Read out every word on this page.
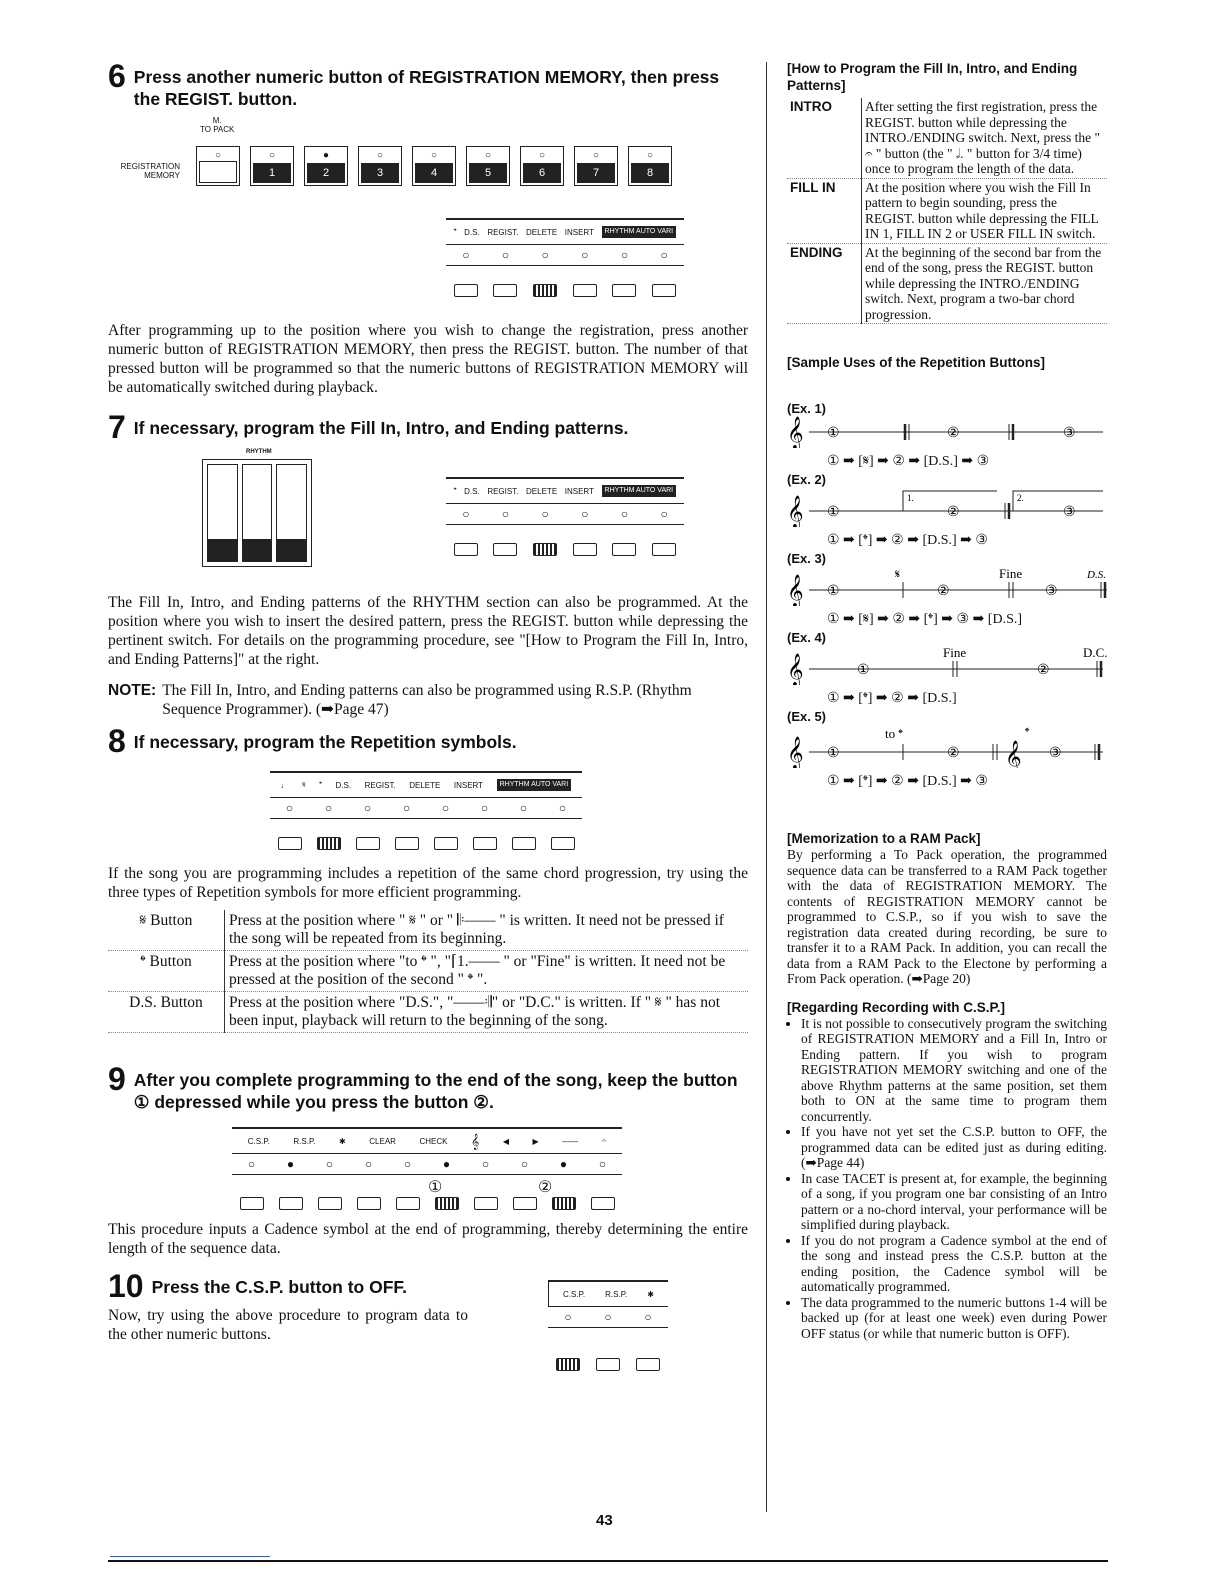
6 Press another numeric button of REGISTRATION MEMORY, then press the REGIST. button.
M.
TO PACK
REGISTRATION MEMORY
○	○
1
●
2
○
3
○
4
○
5
○
6
○
7
○
8
𝄌 D.S. REGIST. DELETE INSERT	RHYTHM AUTO VARI
○	○	○	○	○	○

After programming up to the position where you wish to change the registration, press another numeric button of REGISTRATION MEMORY, then press the REGIST. button. The number of that pressed button will be programmed so that the numeric buttons of REGISTRATION MEMORY will be automatically switched during playback.

7 If necessary, program the Fill In, Intro, and Ending patterns.
RHYTHM
𝄌 D.S. REGIST. DELETE INSERT	RHYTHM AUTO VARI
○	○	○	○	○	○

The Fill In, Intro, and Ending patterns of the RHYTHM section can also be programmed. At the position where you wish to insert the desired pattern, press the REGIST. button while depressing the pertinent switch. For details on the programming procedure, see "[How to Program the Fill In, Intro, and Ending Patterns]" at the right.

NOTE: The Fill In, Intro, and Ending patterns can also be programmed using R.S.P. (Rhythm Sequence Programmer). (➡Page 47)
8 If necessary, program the Repetition symbols.
♩ 𝄋 𝄌 D.S. REGIST. DELETE INSERT	RHYTHM AUTO VARI
○	○	○	○	○	○	○	○

If the song you are programming includes a repetition of the same chord progression, try using the three types of Repetition symbols for more efficient programming.

𝄋 Button	Press at the position where " 𝄋 " or " 𝄆—— " is written. It need not be pressed if the song will be repeated from its beginning.
𝄌 Button	Press at the position where "to 𝄌 ", "⌈1.—— " or "Fine" is written. It need not be pressed at the position of the second " 𝄌 ".
D.S. Button	Press at the position where "D.S.", "——𝄇" or "D.C." is written. If " 𝄋 " has not been input, playback will return to the beginning of the song.
9 After you complete programming to the end of the song, keep the button ① depressed while you press the button ②.
C.S.P.	R.S.P.	✱	CLEAR	CHECK 𝄞	◀	▶	——	𝄐
○	●	○	○	○	●	○	○	●	○
①	②

This procedure inputs a Cadence symbol at the end of programming, thereby determining the entire length of the sequence data.

10 Press the C.S.P. button to OFF.

Now, try using the above procedure to program data to the other numeric buttons.

C.S.P.	R.S.P.	✱
○	○	○

[How to Program the Fill In, Intro, and Ending Patterns]

INTRO	After setting the first registration, press the REGIST. button while depressing the INTRO./ENDING switch. Next, press the " 𝄐 " button (the " 𝅗𝅥. " button for 3/4 time) once to program the length of the data.
FILL IN	At the position where you wish the Fill In pattern to begin sounding, press the REGIST. button while depressing the FILL IN 1, FILL IN 2 or USER FILL IN switch.
ENDING	At the beginning of the second bar from the end of the song, press the REGIST. button while depressing the INTRO./ENDING switch. Next, program a two-bar chord progression.

[Sample Uses of the Repetition Buttons]

(Ex. 1)

𝄞 ①	②	③
① ➡ [𝄋] ➡ ② ➡ [D.S.] ➡ ③

(Ex. 2)

𝄞	1.	2.
①	②	③
① ➡ [𝄌] ➡ ② ➡ [D.S.] ➡ ③

(Ex. 3)

𝄞	𝄋	Fine	D.S.
①	②	③
① ➡ [𝄋] ➡ ② ➡ [𝄌] ➡ ③ ➡ [D.S.]

(Ex. 4)

𝄞
Fine	D.C.
①	②
① ➡ [𝄌] ➡ ② ➡ [D.S.]

(Ex. 5)

𝄞
to 𝄌
①	② 𝄞
𝄌
③
① ➡ [𝄌] ➡ ② ➡ [D.S.] ➡ ③

[Memorization to a RAM Pack]

By performing a To Pack operation, the programmed sequence data can be transferred to a RAM Pack together with the data of REGISTRATION MEMORY. The contents of REGISTRATION MEMORY cannot be programmed to C.S.P., so if you wish to save the registration data created during recording, be sure to transfer it to a RAM Pack. In addition, you can recall the data from a RAM Pack to the Electone by performing a From Pack operation. (➡Page 20)

[Regarding Recording with C.S.P.]

• It is not possible to consecutively program the switching of REGISTRATION MEMORY and a Fill In, Intro or Ending pattern. If you wish to program REGISTRATION MEMORY switching and one of the above Rhythm patterns at the same position, set them both to ON at the same time to program them concurrently.
• If you have not yet set the C.S.P. button to OFF, the programmed data can be edited just as during editing. (➡Page 44)
• In case TACET is present at, for example, the beginning of a song, if you program one bar consisting of an Intro pattern or a no-chord interval, your performance will be simplified during playback.
• If you do not program a Cadence symbol at the end of the song and instead press the C.S.P. button at the ending position, the Cadence symbol will be automatically programmed.
• The data programmed to the numeric buttons 1-4 will be backed up (for at least one week) even during Power OFF status (or while that numeric button is OFF).
43
